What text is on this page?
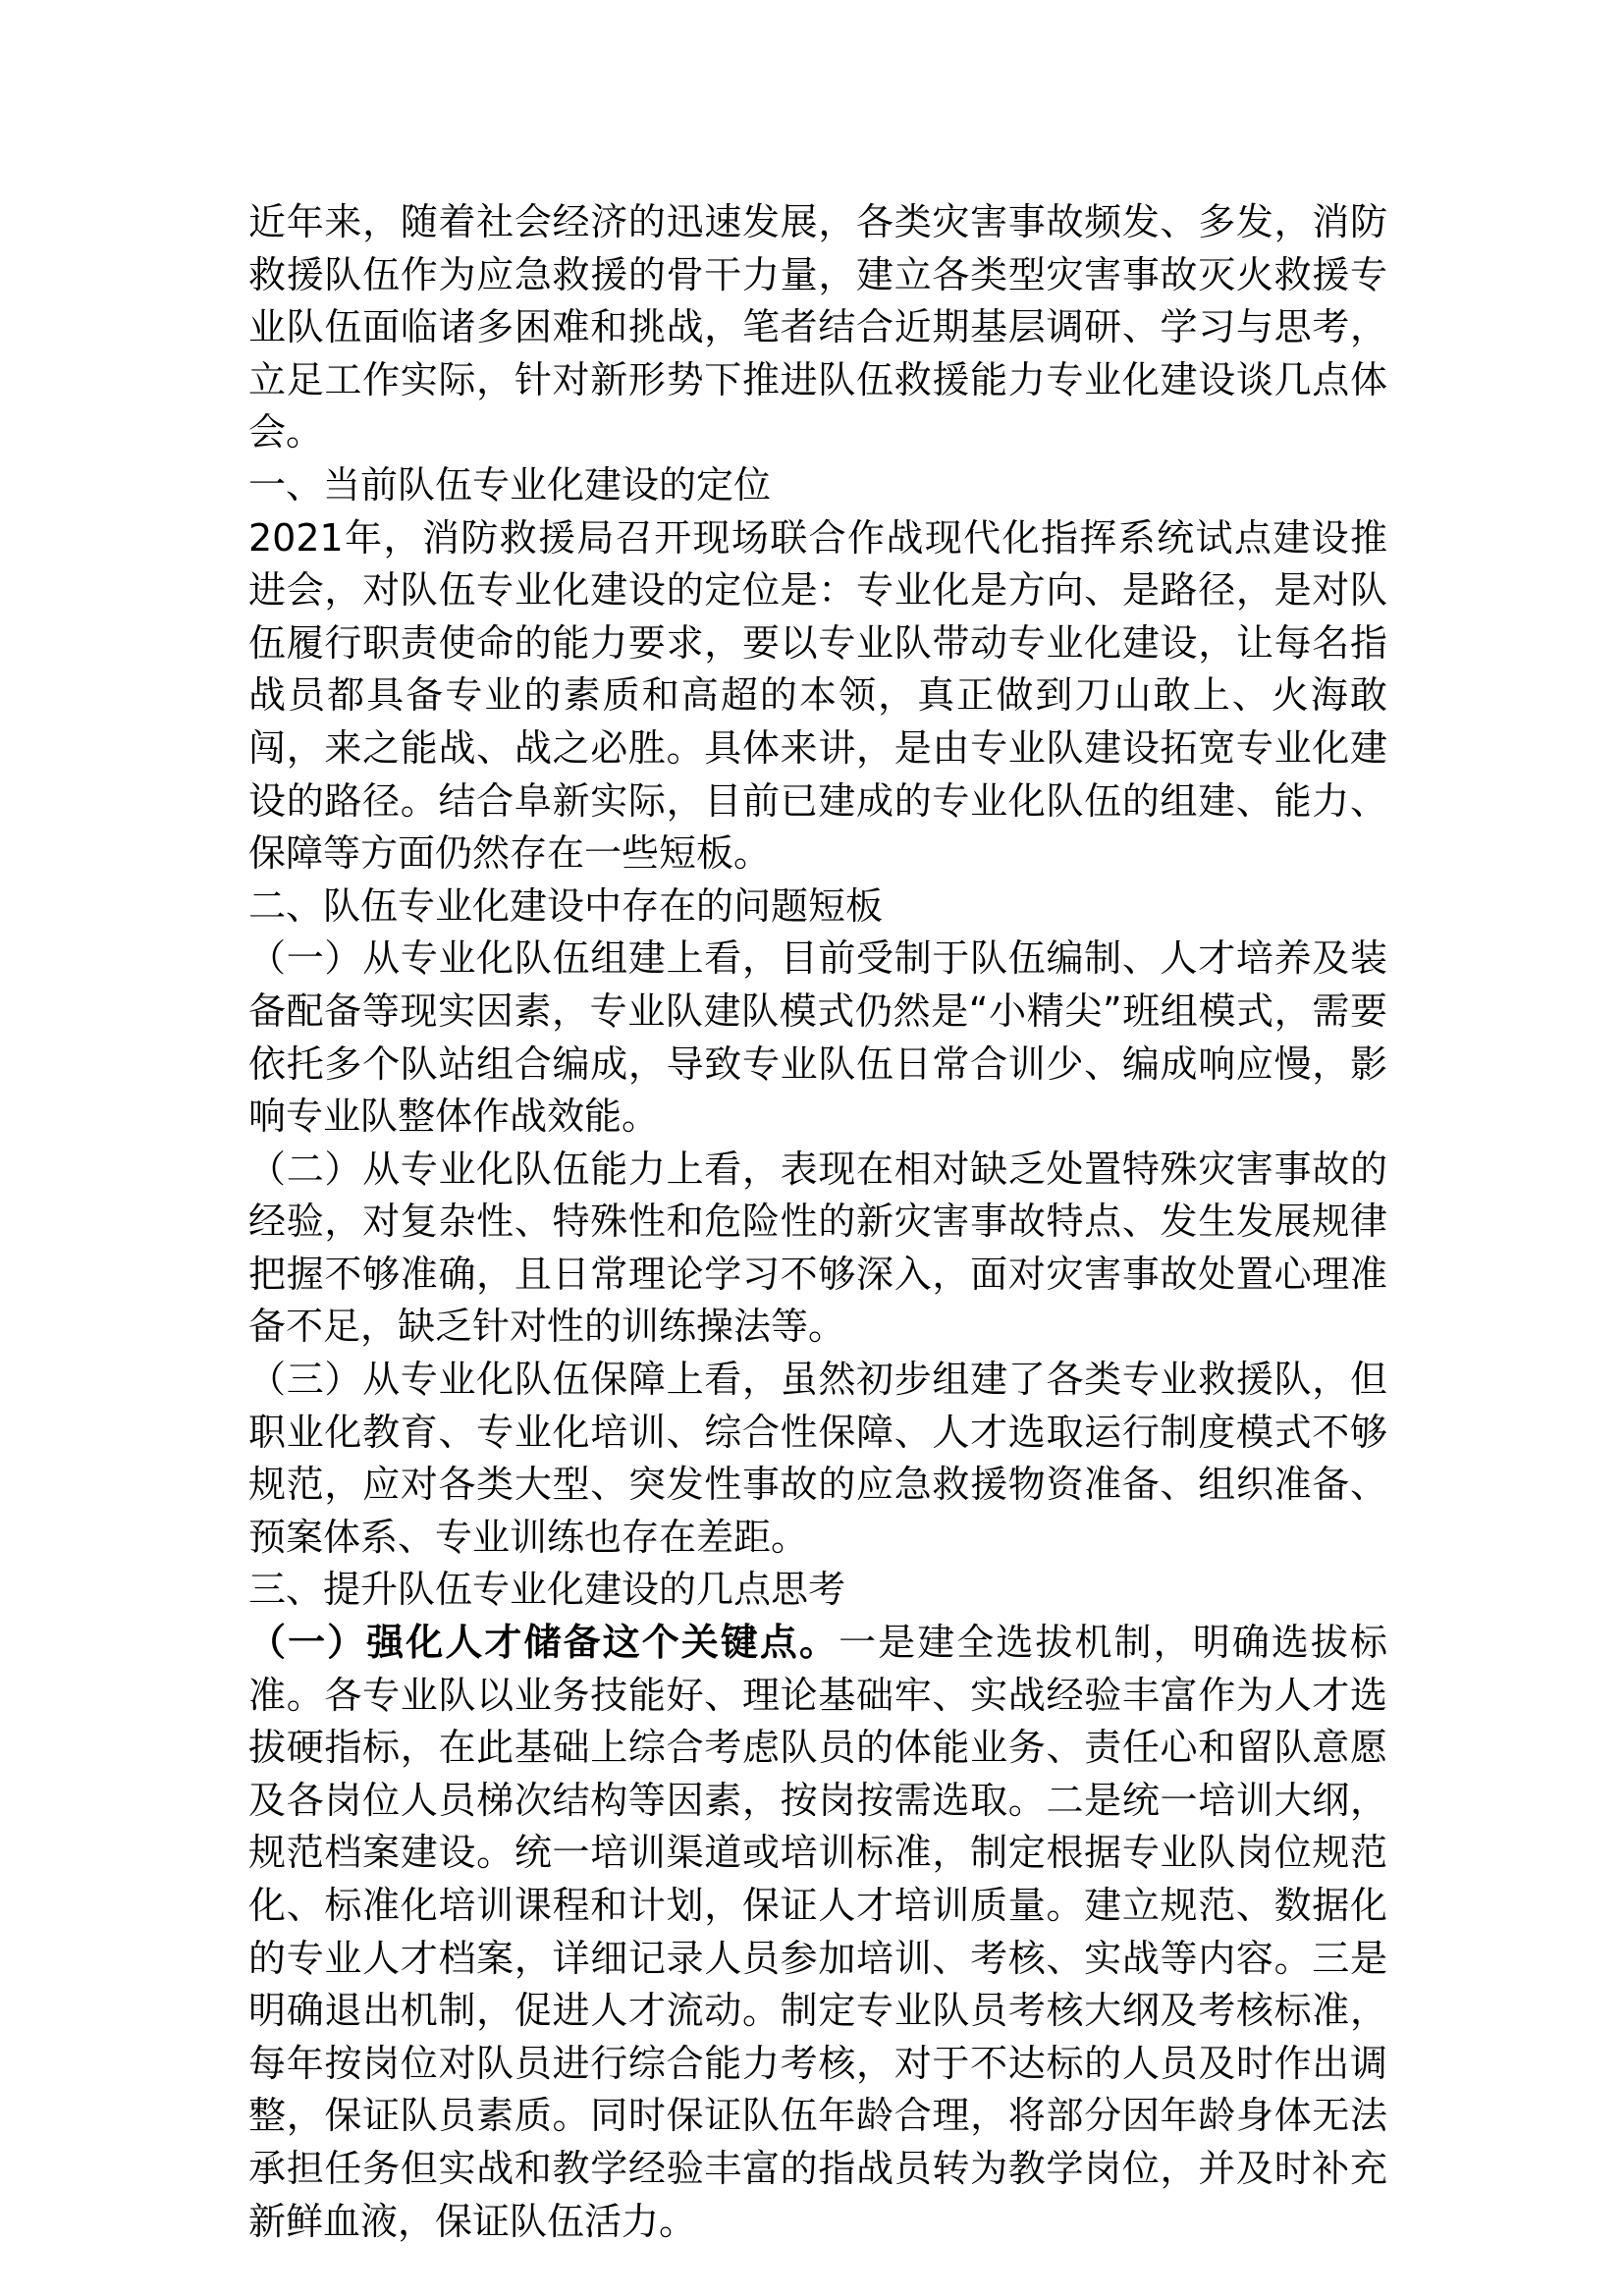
近年来，随着社会经济的迅速发展，各类灾害事故频发、多发，消防救援队伍作为应急救援的骨干力量，建立各类型灾害事故灭火救援专业队伍面临诸多困难和挑战，笔者结合近期基层调研、学习与思考，立足工作实际，针对新形势下推进队伍救援能力专业化建设谈几点体会。

一、当前队伍专业化建设的定位

2021年，消防救援局召开现场联合作战现代化指挥系统试点建设推进会，对队伍专业化建设的定位是：专业化是方向、是路径，是对队伍履行职责使命的能力要求，要以专业队带动专业化建设，让每名指战员都具备专业的素质和高超的本领，真正做到刀山敢上、火海敢闯，来之能战、战之必胜。具体来讲，是由专业队建设拓宽专业化建设的路径。结合阜新实际，目前已建成的专业化队伍的组建、能力、保障等方面仍然存在一些短板。

二、队伍专业化建设中存在的问题短板

（一）从专业化队伍组建上看，目前受制于队伍编制、人才培养及装备配备等现实因素，专业队建队模式仍然是“小精尖”班组模式，需要依托多个队站组合编成，导致专业队伍日常合训少、编成响应慢，影响专业队整体作战效能。

（二）从专业化队伍能力上看，表现在相对缺乏处置特殊灾害事故的经验，对复杂性、特殊性和危险性的新灾害事故特点、发生发展规律把握不够准确，且日常理论学习不够深入，面对灾害事故处置心理准备不足，缺乏针对性的训练操法等。

（三）从专业化队伍保障上看，虽然初步组建了各类专业救援队，但职业化教育、专业化培训、综合性保障、人才选取运行制度模式不够规范，应对各类大型、突发性事故的应急救援物资准备、组织准备、预案体系、专业训练也存在差距。

三、提升队伍专业化建设的几点思考

（一）强化人才储备这个关键点。一是建全选拔机制，明确选拔标准。各专业队以业务技能好、理论基础牢、实战经验丰富作为人才选拔硬指标，在此基础上综合考虑队员的体能业务、责任心和留队意愿及各岗位人员梯次结构等因素，按岗按需选取。二是统一培训大纲，规范档案建设。统一培训渠道或培训标准，制定根据专业队岗位规范化、标准化培训课程和计划，保证人才培训质量。建立规范、数据化的专业人才档案，详细记录人员参加培训、考核、实战等内容。三是明确退出机制，促进人才流动。制定专业队员考核大纲及考核标准，每年按岗位对队员进行综合能力考核，对于不达标的人员及时作出调整，保证队员素质。同时保证队伍年龄合理，将部分因年龄身体无法承担任务但实战和教学经验丰富的指战员转为教学岗位，并及时补充新鲜血液，保证队伍活力。
